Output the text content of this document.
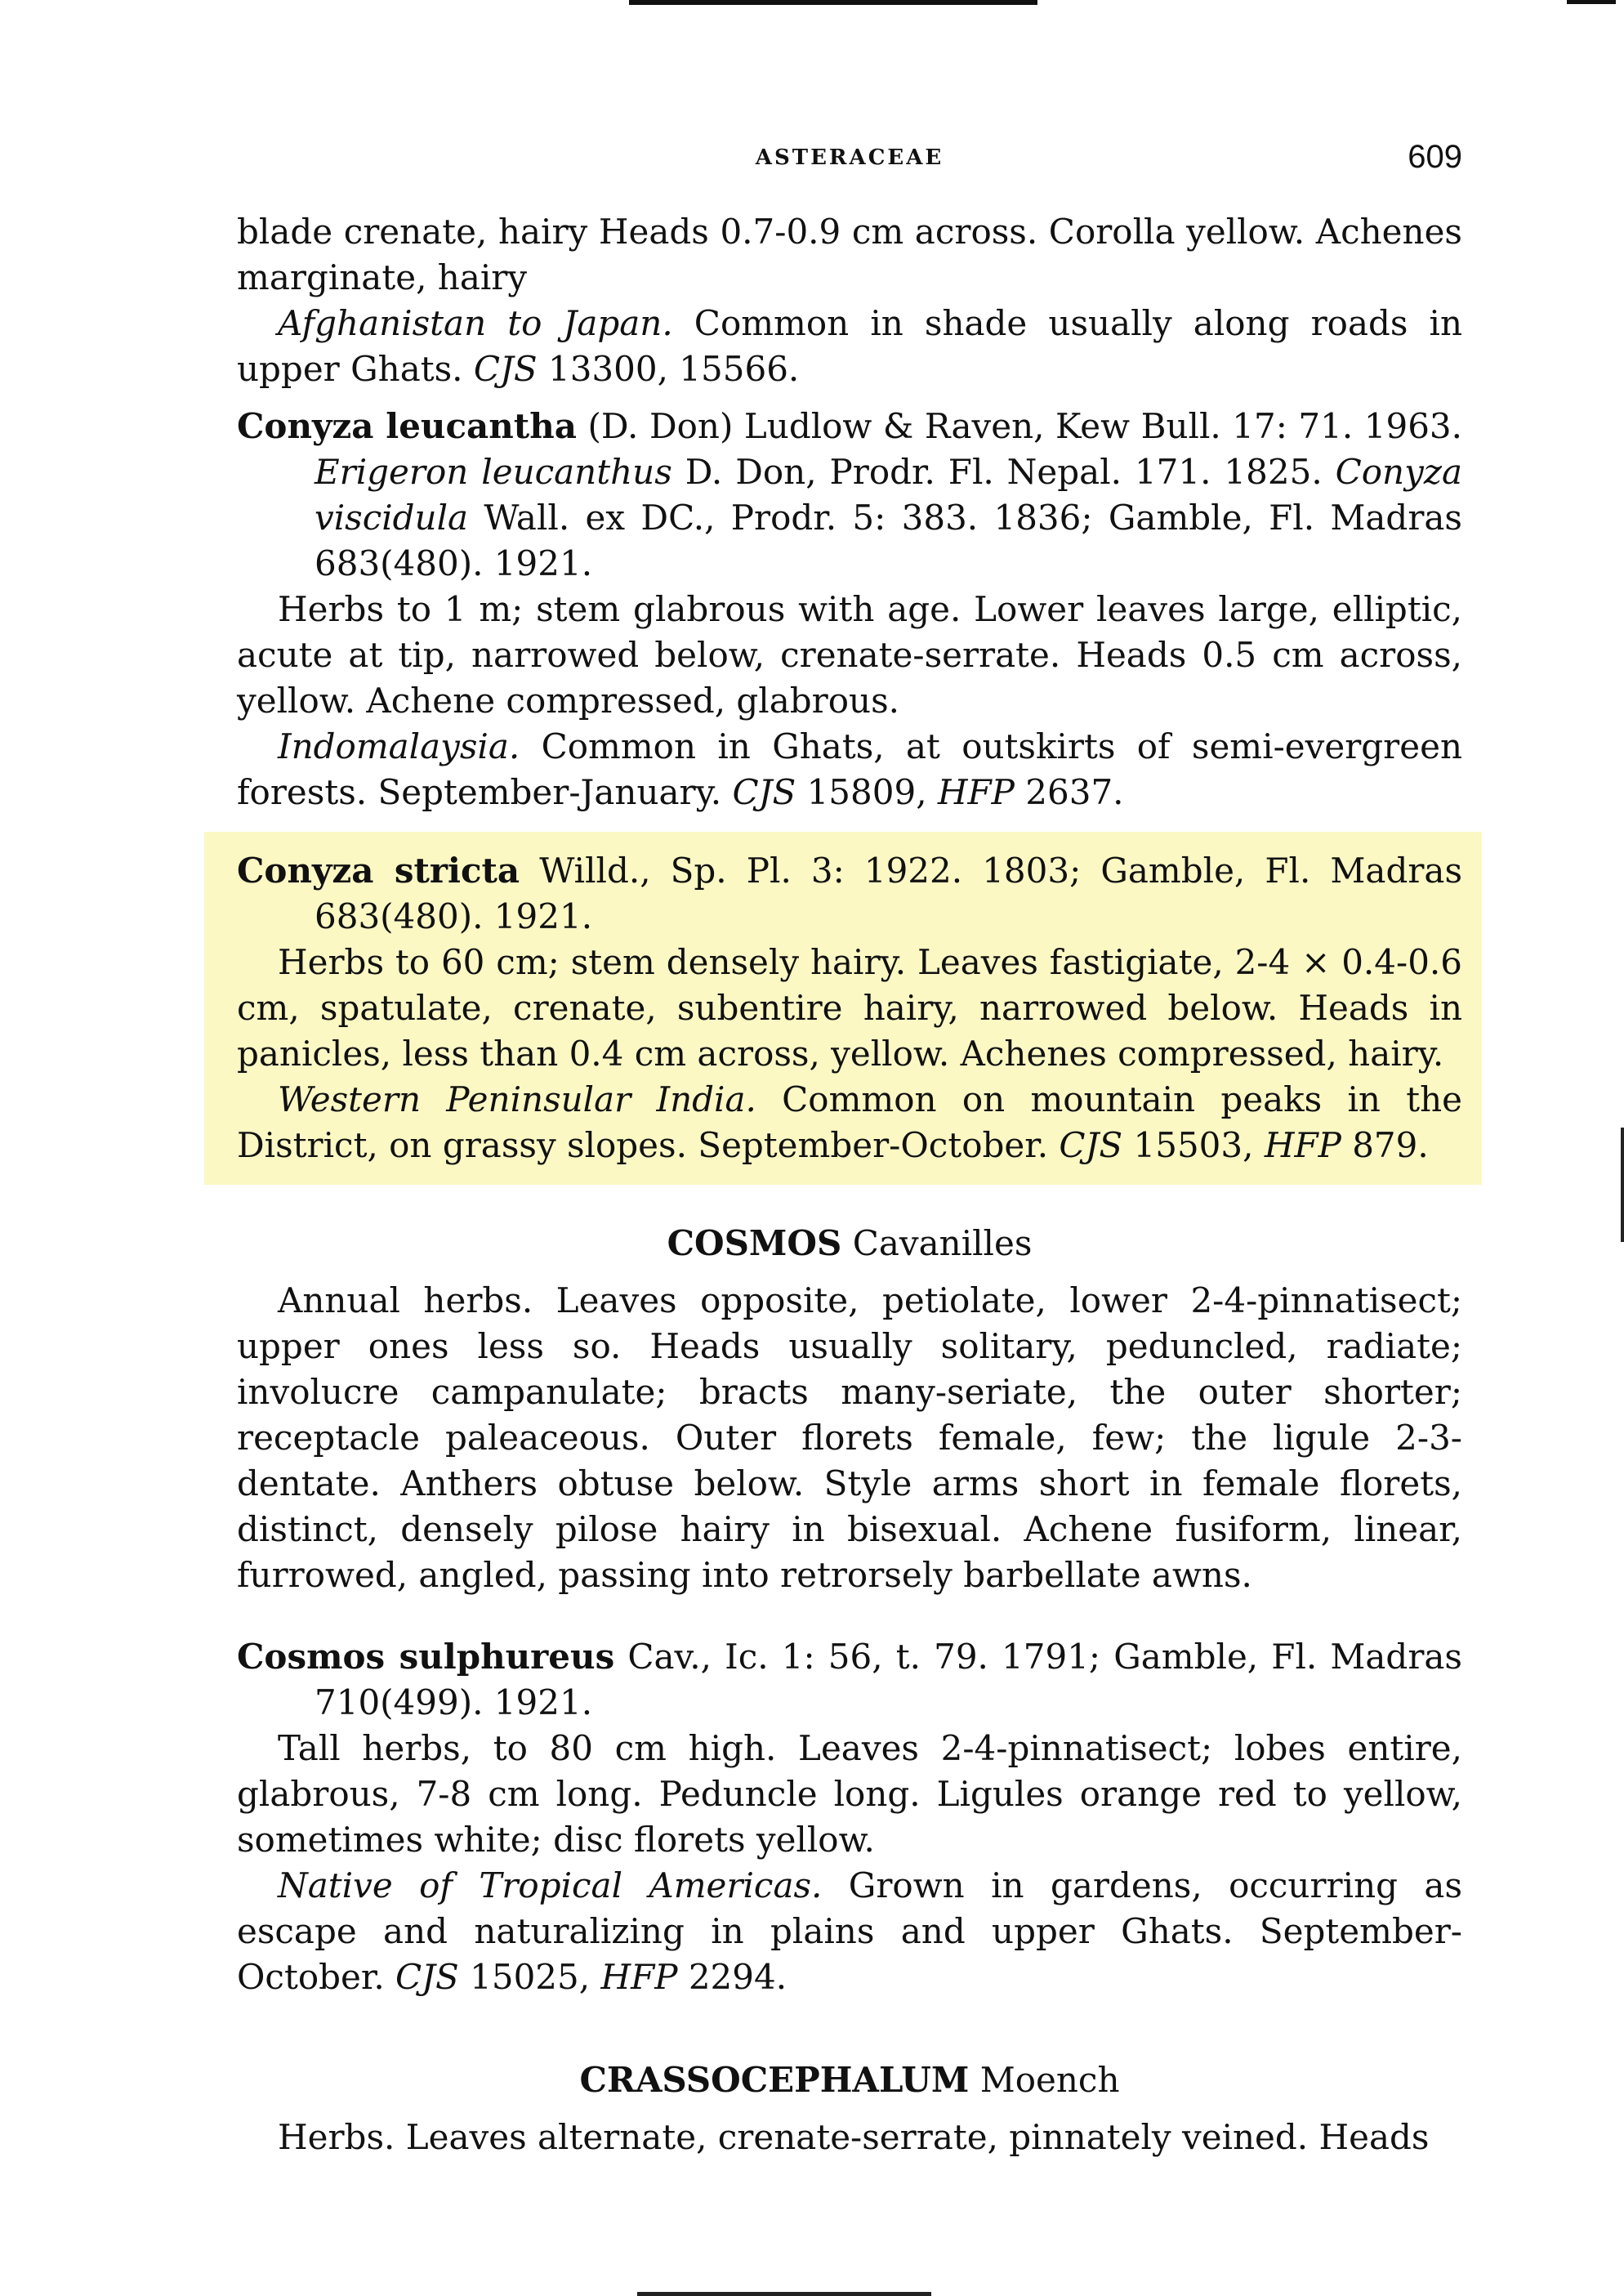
ASTERACEAE	609

blade crenate, hairy Heads 0.7-0.9 cm across. Corolla yellow. Achenes marginate, hairy

Afghanistan to Japan. Common in shade usually along roads in upper Ghats. CJS 13300, 15566.

Conyza leucantha (D. Don) Ludlow & Raven, Kew Bull. 17: 71. 1963. Erigeron leucanthus D. Don, Prodr. Fl. Nepal. 171. 1825. Conyza viscidula Wall. ex DC., Prodr. 5: 383. 1836; Gamble, Fl. Madras 683(480). 1921.

Herbs to 1 m; stem glabrous with age. Lower leaves large, elliptic, acute at tip, narrowed below, crenate-serrate. Heads 0.5 cm across, yellow. Achene compressed, glabrous.

Indomalaysia. Common in Ghats, at outskirts of semi-evergreen forests. September-January. CJS 15809, HFP 2637.

Conyza stricta Willd., Sp. Pl. 3: 1922. 1803; Gamble, Fl. Madras 683(480). 1921.

Herbs to 60 cm; stem densely hairy. Leaves fastigiate, 2-4 × 0.4-0.6 cm, spatulate, crenate, subentire hairy, narrowed below. Heads in panicles, less than 0.4 cm across, yellow. Achenes compressed, hairy.

Western Peninsular India. Common on mountain peaks in the District, on grassy slopes. September-October. CJS 15503, HFP 879.

COSMOS Cavanilles

Annual herbs. Leaves opposite, petiolate, lower 2-4-pinnatisect; upper ones less so. Heads usually solitary, peduncled, radiate; involucre campanulate; bracts many-seriate, the outer shorter; receptacle paleaceous. Outer florets female, few; the ligule 2-3-dentate. Anthers obtuse below. Style arms short in female florets, distinct, densely pilose hairy in bisexual. Achene fusiform, linear, furrowed, angled, passing into retrorsely barbellate awns.

Cosmos sulphureus Cav., Ic. 1: 56, t. 79. 1791; Gamble, Fl. Madras 710(499). 1921.

Tall herbs, to 80 cm high. Leaves 2-4-pinnatisect; lobes entire, glabrous, 7-8 cm long. Peduncle long. Ligules orange red to yellow, sometimes white; disc florets yellow.

Native of Tropical Americas. Grown in gardens, occurring as escape and naturalizing in plains and upper Ghats. September-October. CJS 15025, HFP 2294.

CRASSOCEPHALUM Moench

Herbs. Leaves alternate, crenate-serrate, pinnately veined. Heads
